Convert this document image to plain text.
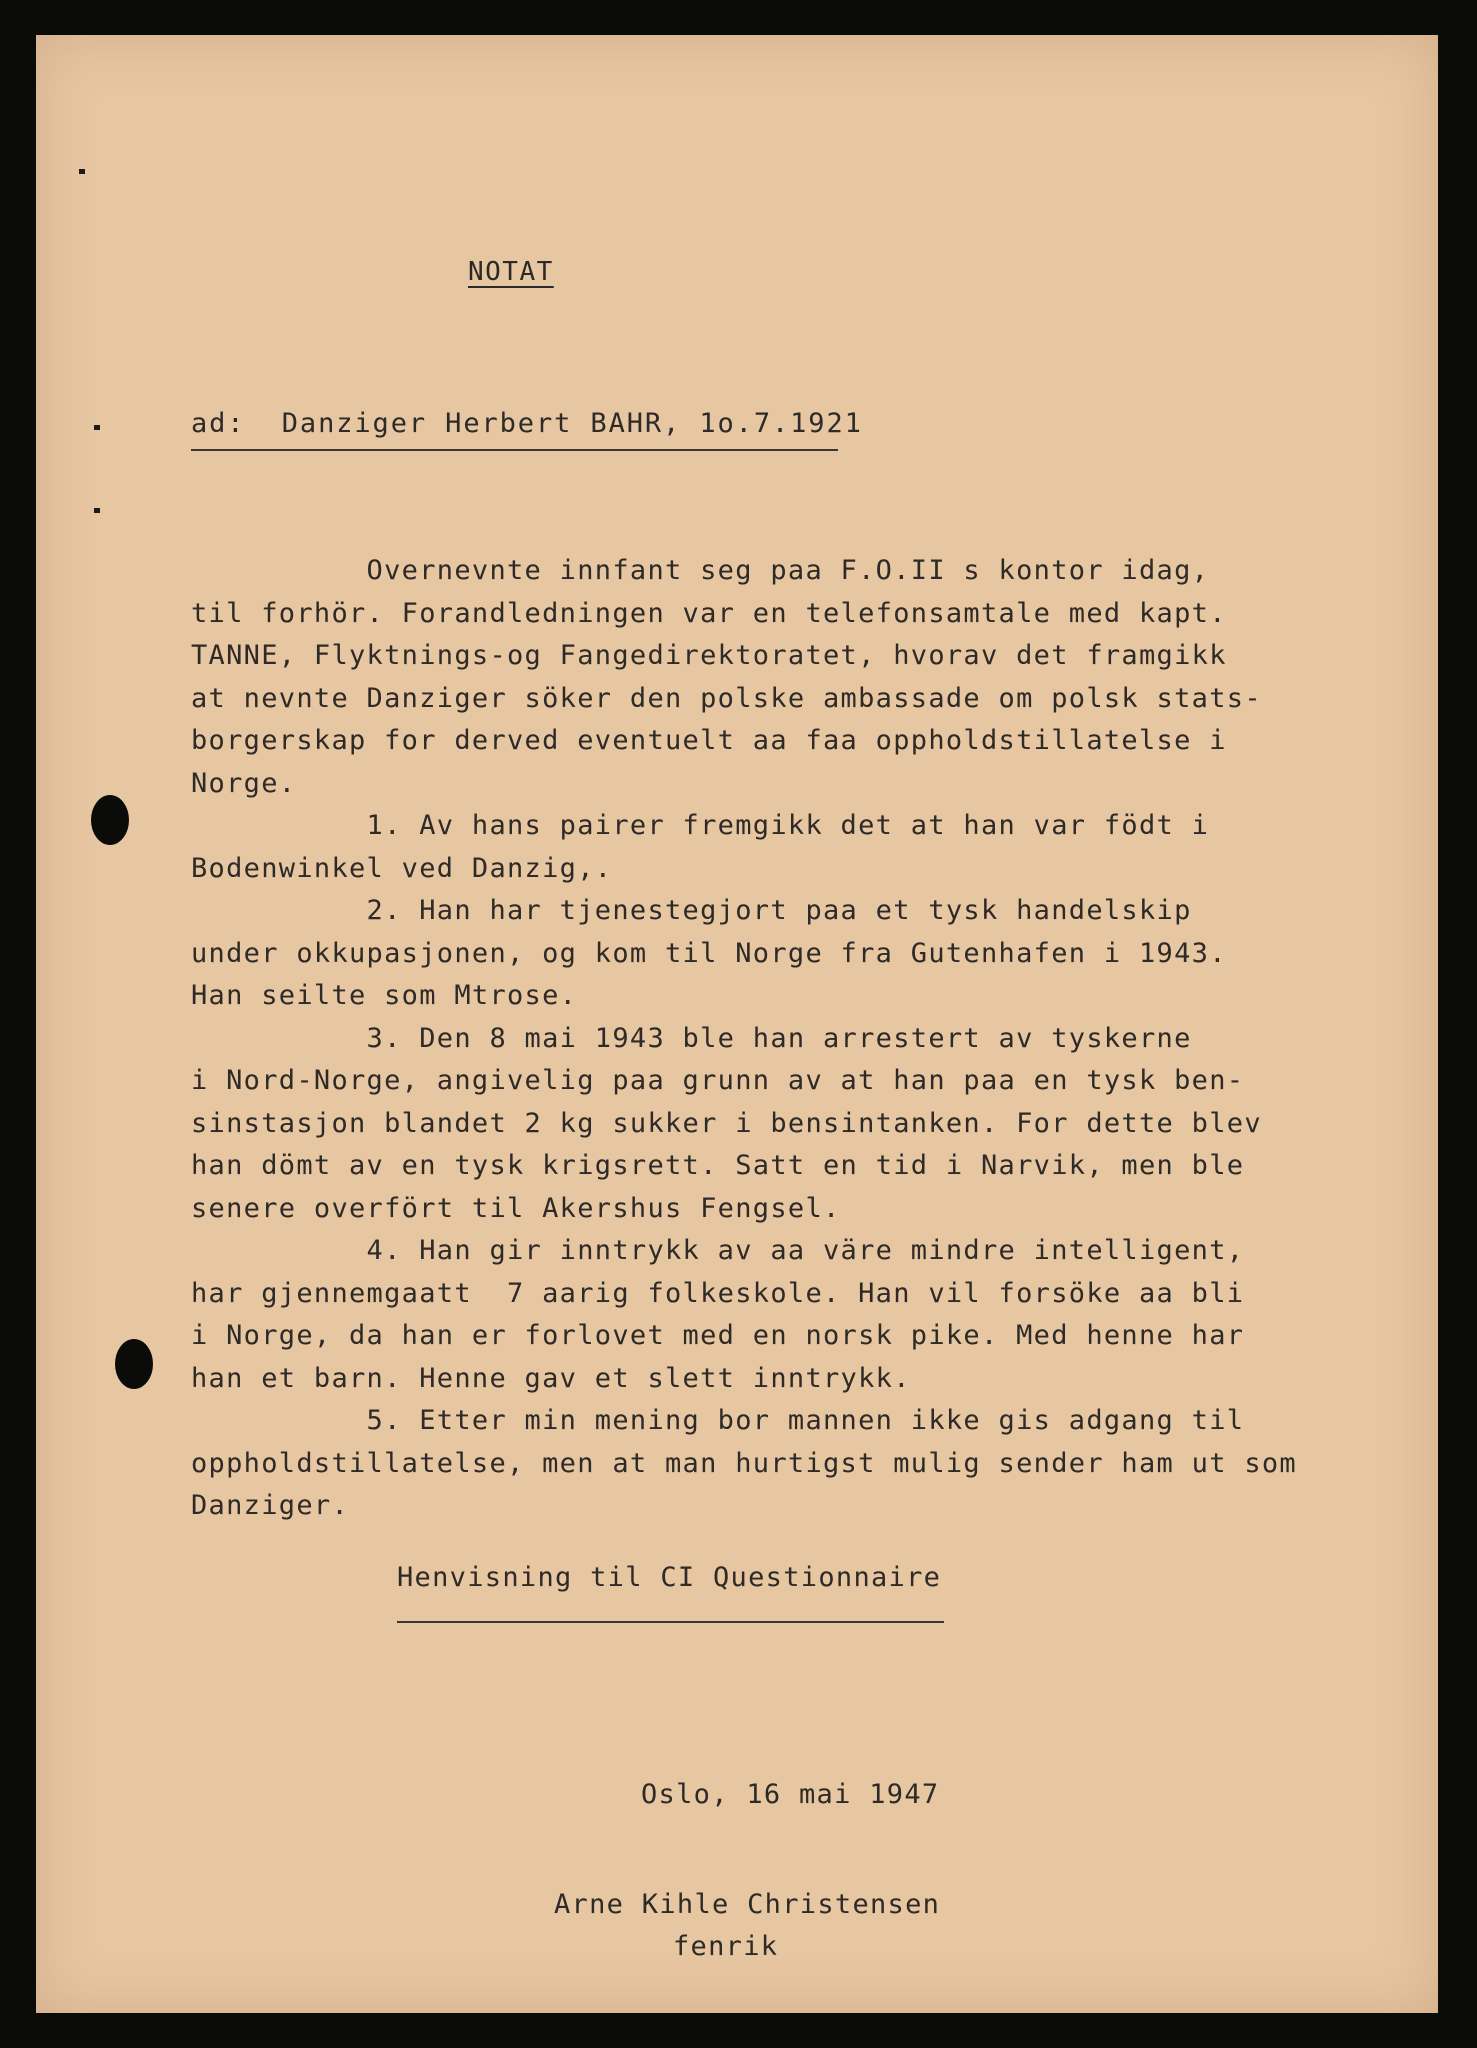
NOTAT

ad:  Danziger Herbert BAHR, 1o.7.1921

Overnevnte innfant seg paa F.O.II s kontor idag,

til forhör. Forandledningen var en telefonsamtale med kapt.

TANNE, Flyktnings-og Fangedirektoratet, hvorav det framgikk

at nevnte Danziger söker den polske ambassade om polsk stats-

borgerskap for derved eventuelt aa faa oppholdstillatelse i

Norge.

1. Av hans pairer fremgikk det at han var födt i

Bodenwinkel ved Danzig,.

2. Han har tjenestegjort paa et tysk handelskip

under okkupasjonen, og kom til Norge fra Gutenhafen i 1943.

Han seilte som Mtrose.

3. Den 8 mai 1943 ble han arrestert av tyskerne

i Nord-Norge, angivelig paa grunn av at han paa en tysk ben-

sinstasjon blandet 2 kg sukker i bensintanken. For dette blev

han dömt av en tysk krigsrett. Satt en tid i Narvik, men ble

senere overfört til Akershus Fengsel.

4. Han gir inntrykk av aa väre mindre intelligent,

har gjennemgaatt  7 aarig folkeskole. Han vil forsöke aa bli

i Norge, da han er forlovet med en norsk pike. Med henne har

han et barn. Henne gav et slett inntrykk.

5. Etter min mening bor mannen ikke gis adgang til

oppholdstillatelse, men at man hurtigst mulig sender ham ut som

Danziger.

Henvisning til CI Questionnaire

Oslo, 16 mai 1947

Arne Kihle Christensen

fenrik
